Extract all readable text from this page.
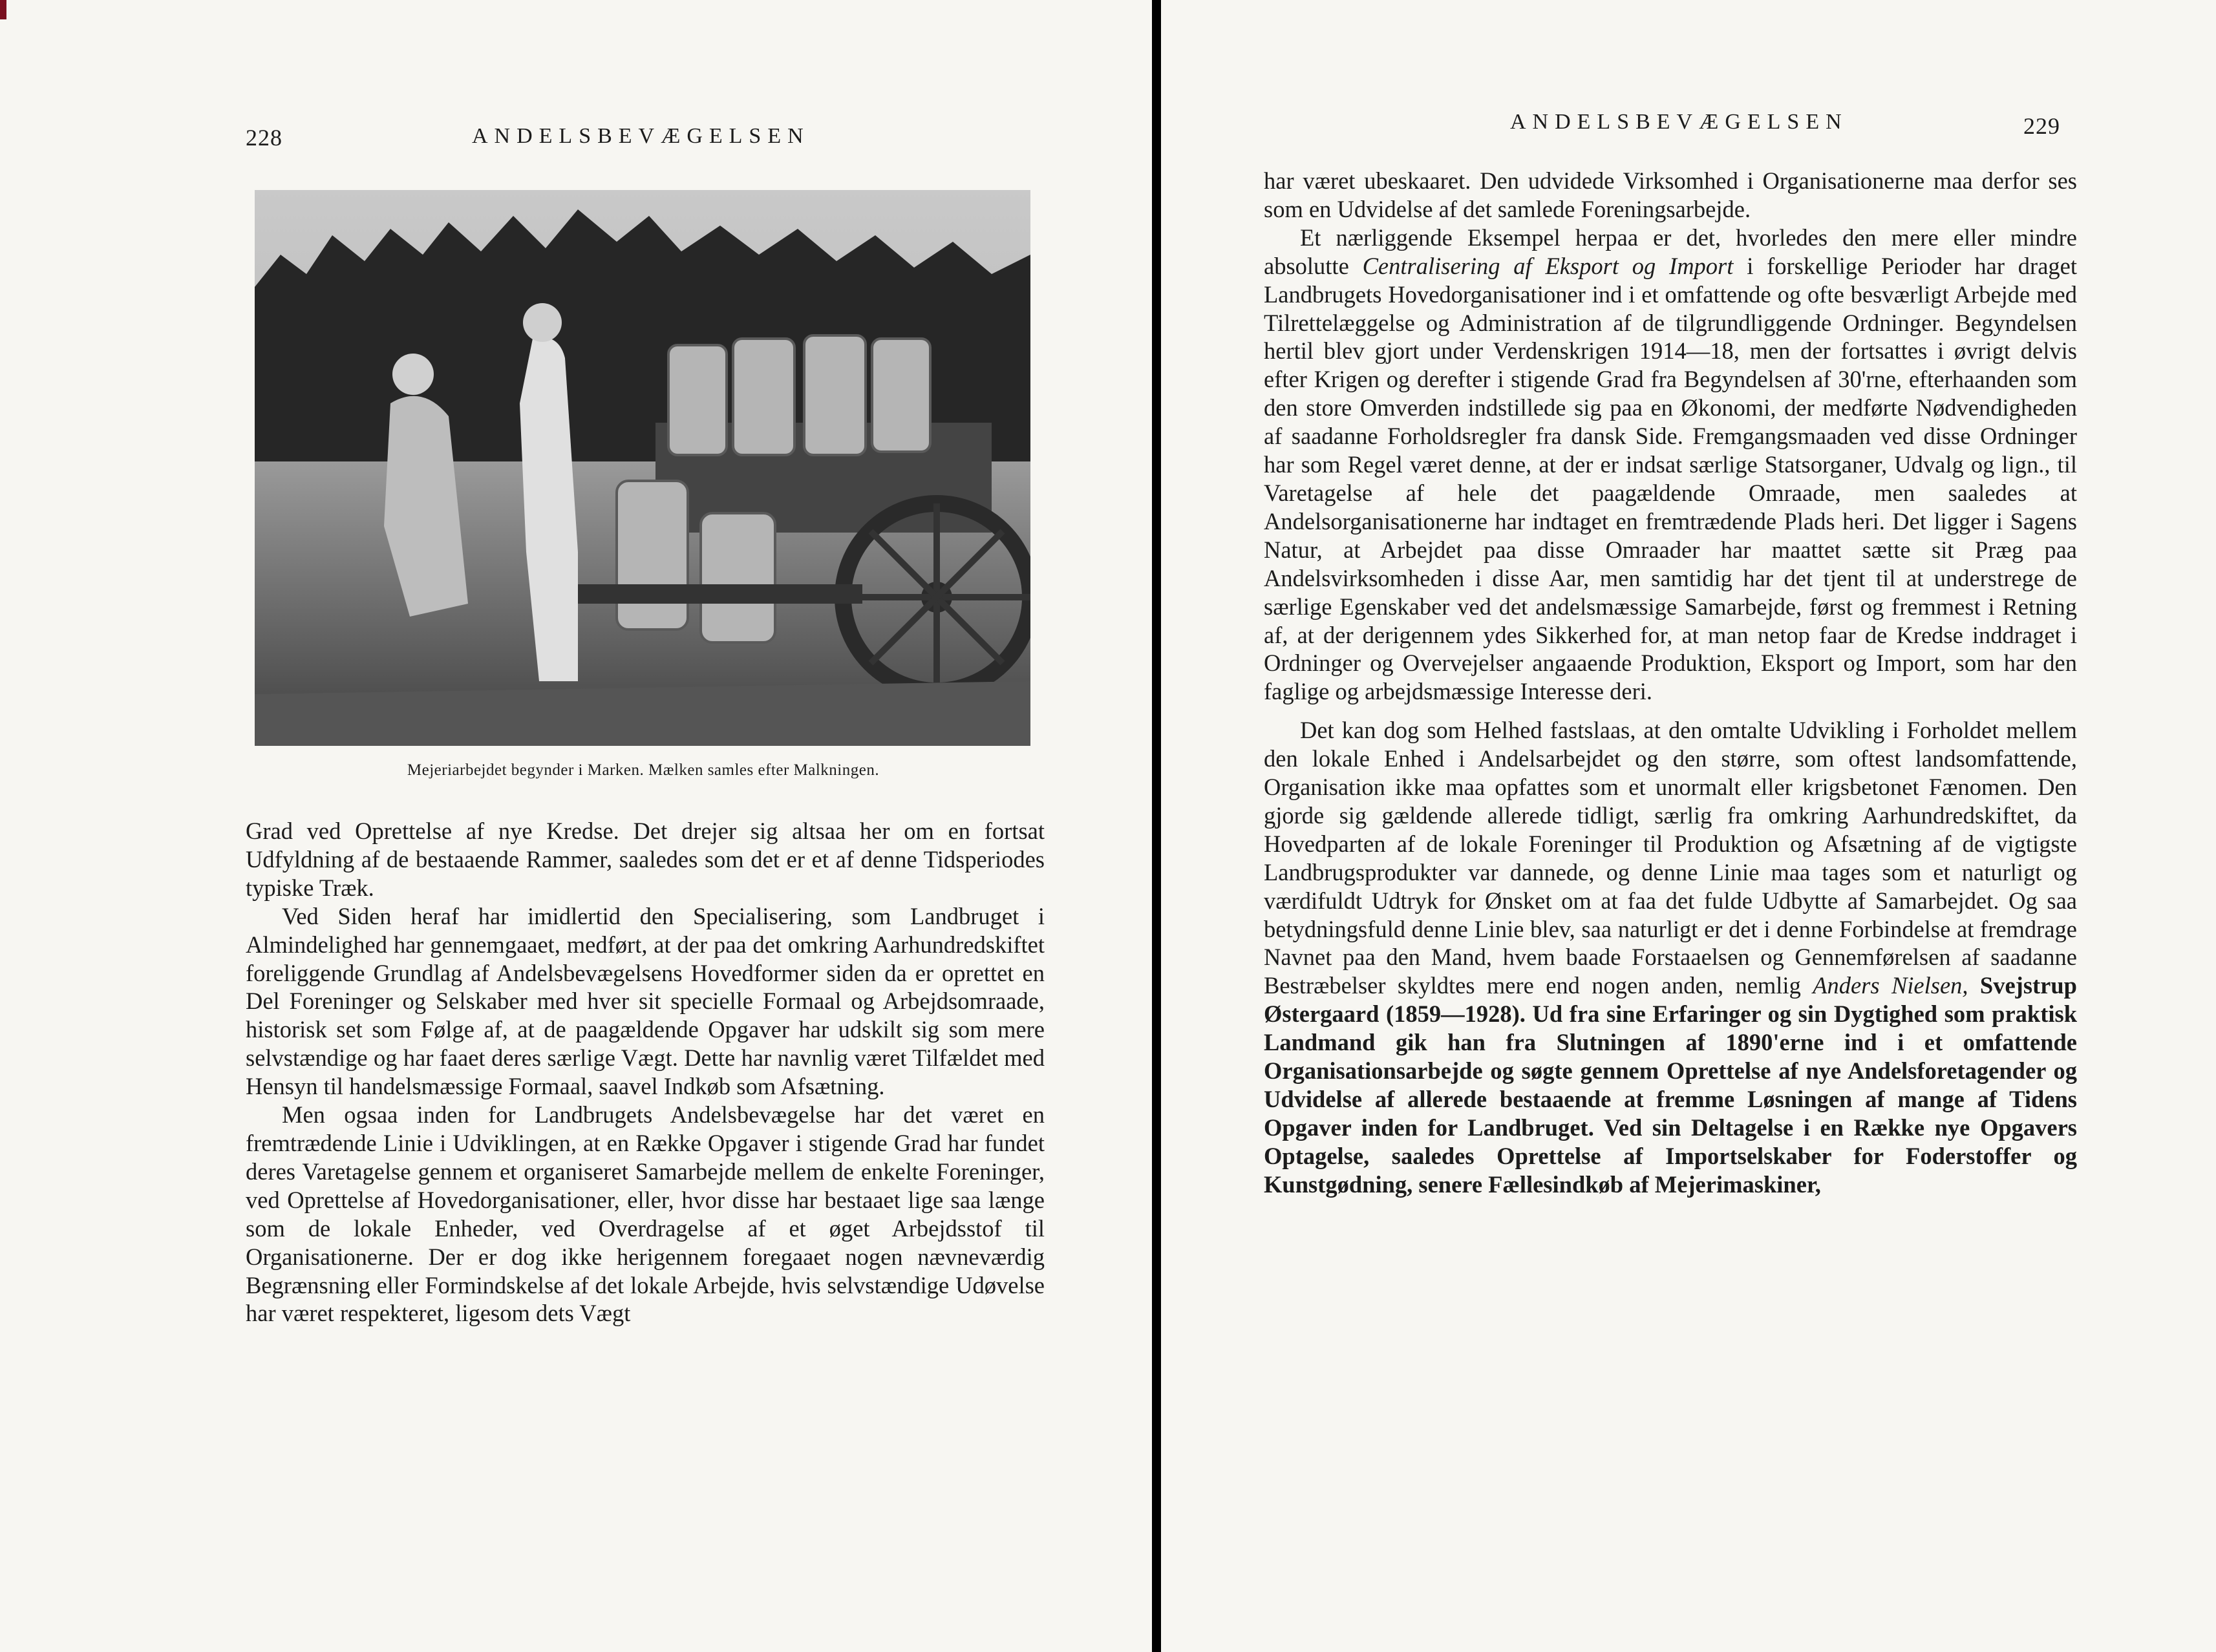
228	ANDELSBEVÆGELSEN
Mejeriarbejdet begynder i Marken. Mælken samles efter Malkningen.

Grad ved Oprettelse af nye Kredse. Det drejer sig altsaa her om en fortsat Udfyldning af de bestaaende Rammer, saaledes som det er et af denne Tidsperiodes typiske Træk.

Ved Siden heraf har imidlertid den Specialisering, som Landbruget i Almindelighed har gennemgaaet, medført, at der paa det omkring Aarhundredskiftet foreliggende Grundlag af Andelsbevægelsens Hovedformer siden da er oprettet en Del Foreninger og Selskaber med hver sit specielle Formaal og Arbejdsomraade, historisk set som Følge af, at de paagældende Opgaver har udskilt sig som mere selvstændige og har faaet deres særlige Vægt. Dette har navnlig været Tilfældet med Hensyn til handelsmæssige Formaal, saavel Indkøb som Afsætning.

Men ogsaa inden for Landbrugets Andelsbevægelse har det været en fremtrædende Linie i Udviklingen, at en Række Opgaver i stigende Grad har fundet deres Varetagelse gennem et organiseret Samarbejde mellem de enkelte Foreninger, ved Oprettelse af Hovedorganisationer, eller, hvor disse har bestaaet lige saa længe som de lokale Enheder, ved Overdragelse af et øget Arbejdsstof til Organisationerne. Der er dog ikke herigennem foregaaet nogen nævneværdig Begrænsning eller Formindskelse af det lokale Arbejde, hvis selvstændige Udøvelse har været respekteret, ligesom dets Vægt

ANDELSBEVÆGELSEN	229

har været ubeskaaret. Den udvidede Virksomhed i Organisationerne maa derfor ses som en Udvidelse af det samlede Foreningsarbejde.

Et nærliggende Eksempel herpaa er det, hvorledes den mere eller mindre absolutte Centralisering af Eksport og Import i forskellige Perioder har draget Landbrugets Hovedorganisationer ind i et omfattende og ofte besværligt Arbejde med Tilrettelæggelse og Administration af de tilgrundliggende Ordninger. Begyndelsen hertil blev gjort under Verdenskrigen 1914—18, men der fortsattes i øvrigt delvis efter Krigen og derefter i stigende Grad fra Begyndelsen af 30'rne, efterhaanden som den store Omverden indstillede sig paa en Økonomi, der medførte Nødvendigheden af saadanne Forholdsregler fra dansk Side. Fremgangsmaaden ved disse Ordninger har som Regel været denne, at der er indsat særlige Statsorganer, Udvalg og lign., til Varetagelse af hele det paagældende Omraade, men saaledes at Andelsorganisationerne har indtaget en fremtrædende Plads heri. Det ligger i Sagens Natur, at Arbejdet paa disse Omraader har maattet sætte sit Præg paa Andelsvirksomheden i disse Aar, men samtidig har det tjent til at understrege de særlige Egenskaber ved det andelsmæssige Samarbejde, først og fremmest i Retning af, at der derigennem ydes Sikkerhed for, at man netop faar de Kredse inddraget i Ordninger og Overvejelser angaaende Produktion, Eksport og Import, som har den faglige og arbejdsmæssige Interesse deri.

Det kan dog som Helhed fastslaas, at den omtalte Udvikling i Forholdet mellem den lokale Enhed i Andelsarbejdet og den større, som oftest landsomfattende, Organisation ikke maa opfattes som et unormalt eller krigsbetonet Fænomen. Den gjorde sig gældende allerede tidligt, særlig fra omkring Aarhundredskiftet, da Hovedparten af de lokale Foreninger til Produktion og Afsætning af de vigtigste Landbrugsprodukter var dannede, og denne Linie maa tages som et naturligt og værdifuldt Udtryk for Ønsket om at faa det fulde Udbytte af Samarbejdet. Og saa betydningsfuld denne Linie blev, saa naturligt er det i denne Forbindelse at fremdrage Navnet paa den Mand, hvem baade Forstaaelsen og Gennemførelsen af saadanne Bestræbelser skyldtes mere end nogen anden, nemlig Anders Nielsen, Svejstrup Østergaard (1859—1928). Ud fra sine Erfaringer og sin Dygtighed som praktisk Landmand gik han fra Slutningen af 1890'erne ind i et omfattende Organisationsarbejde og søgte gennem Oprettelse af nye Andelsforetagender og Udvidelse af allerede bestaaende at fremme Løsningen af mange af Tidens Opgaver inden for Landbruget. Ved sin Deltagelse i en Række nye Opgavers Optagelse, saaledes Oprettelse af Importselskaber for Foderstoffer og Kunstgødning, senere Fællesindkøb af Mejerimaskiner,
